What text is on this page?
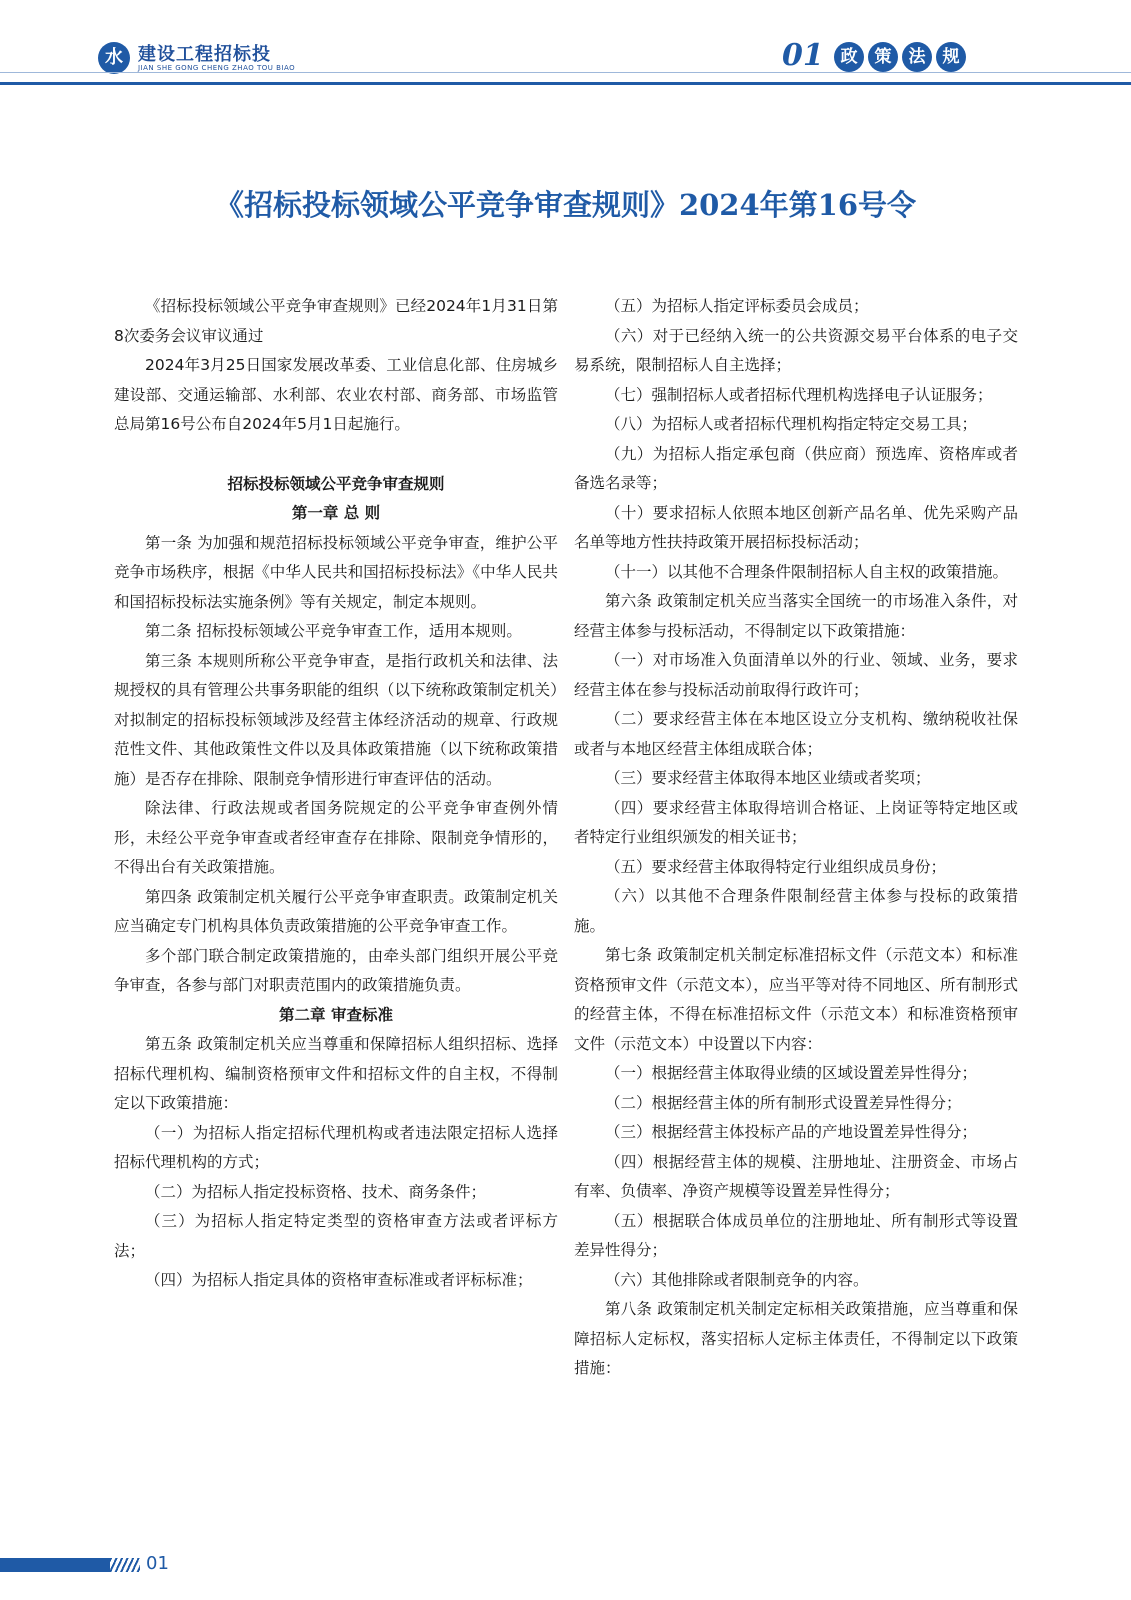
水 建设工程招标投
JIAN SHE GONG CHENG ZHAO TOU BIAO	01 政	策	法	规
《招标投标领域公平竞争审查规则》2024年第16号令

《招标投标领域公平竞争审查规则》已经2024年1月31日第8次委务会议审议通过

2024年3月25日国家发展改革委、工业信息化部、住房城乡建设部、交通运输部、水利部、农业农村部、商务部、市场监管总局第16号公布自2024年5月1日起施行。

招标投标领域公平竞争审查规则

第一章 总 则

第一条 为加强和规范招标投标领域公平竞争审查，维护公平竞争市场秩序，根据《中华人民共和国招标投标法》《中华人民共和国招标投标法实施条例》等有关规定，制定本规则。

第二条 招标投标领域公平竞争审查工作，适用本规则。

第三条 本规则所称公平竞争审查，是指行政机关和法律、法规授权的具有管理公共事务职能的组织（以下统称政策制定机关）对拟制定的招标投标领域涉及经营主体经济活动的规章、行政规范性文件、其他政策性文件以及具体政策措施（以下统称政策措施）是否存在排除、限制竞争情形进行审查评估的活动。

除法律、行政法规或者国务院规定的公平竞争审查例外情形，未经公平竞争审查或者经审查存在排除、限制竞争情形的，不得出台有关政策措施。

第四条 政策制定机关履行公平竞争审查职责。政策制定机关应当确定专门机构具体负责政策措施的公平竞争审查工作。

多个部门联合制定政策措施的，由牵头部门组织开展公平竞争审查，各参与部门对职责范围内的政策措施负责。

第二章 审查标准

第五条 政策制定机关应当尊重和保障招标人组织招标、选择招标代理机构、编制资格预审文件和招标文件的自主权，不得制定以下政策措施：

（一）为招标人指定招标代理机构或者违法限定招标人选择招标代理机构的方式；

（二）为招标人指定投标资格、技术、商务条件；

（三）为招标人指定特定类型的资格审查方法或者评标方法；

（四）为招标人指定具体的资格审查标准或者评标标准；

（五）为招标人指定评标委员会成员；

（六）对于已经纳入统一的公共资源交易平台体系的电子交易系统，限制招标人自主选择；

（七）强制招标人或者招标代理机构选择电子认证服务；

（八）为招标人或者招标代理机构指定特定交易工具；

（九）为招标人指定承包商（供应商）预选库、资格库或者备选名录等；

（十）要求招标人依照本地区创新产品名单、优先采购产品名单等地方性扶持政策开展招标投标活动；

（十一）以其他不合理条件限制招标人自主权的政策措施。

第六条 政策制定机关应当落实全国统一的市场准入条件，对经营主体参与投标活动，不得制定以下政策措施：

（一）对市场准入负面清单以外的行业、领域、业务，要求经营主体在参与投标活动前取得行政许可；

（二）要求经营主体在本地区设立分支机构、缴纳税收社保或者与本地区经营主体组成联合体；

（三）要求经营主体取得本地区业绩或者奖项；

（四）要求经营主体取得培训合格证、上岗证等特定地区或者特定行业组织颁发的相关证书；

（五）要求经营主体取得特定行业组织成员身份；

（六）以其他不合理条件限制经营主体参与投标的政策措施。

第七条 政策制定机关制定标准招标文件（示范文本）和标准资格预审文件（示范文本），应当平等对待不同地区、所有制形式的经营主体，不得在标准招标文件（示范文本）和标准资格预审文件（示范文本）中设置以下内容：

（一）根据经营主体取得业绩的区域设置差异性得分；

（二）根据经营主体的所有制形式设置差异性得分；

（三）根据经营主体投标产品的产地设置差异性得分；

（四）根据经营主体的规模、注册地址、注册资金、市场占有率、负债率、净资产规模等设置差异性得分；

（五）根据联合体成员单位的注册地址、所有制形式等设置差异性得分；

（六）其他排除或者限制竞争的内容。

第八条 政策制定机关制定定标相关政策措施，应当尊重和保障招标人定标权，落实招标人定标主体责任，不得制定以下政策措施：

01
